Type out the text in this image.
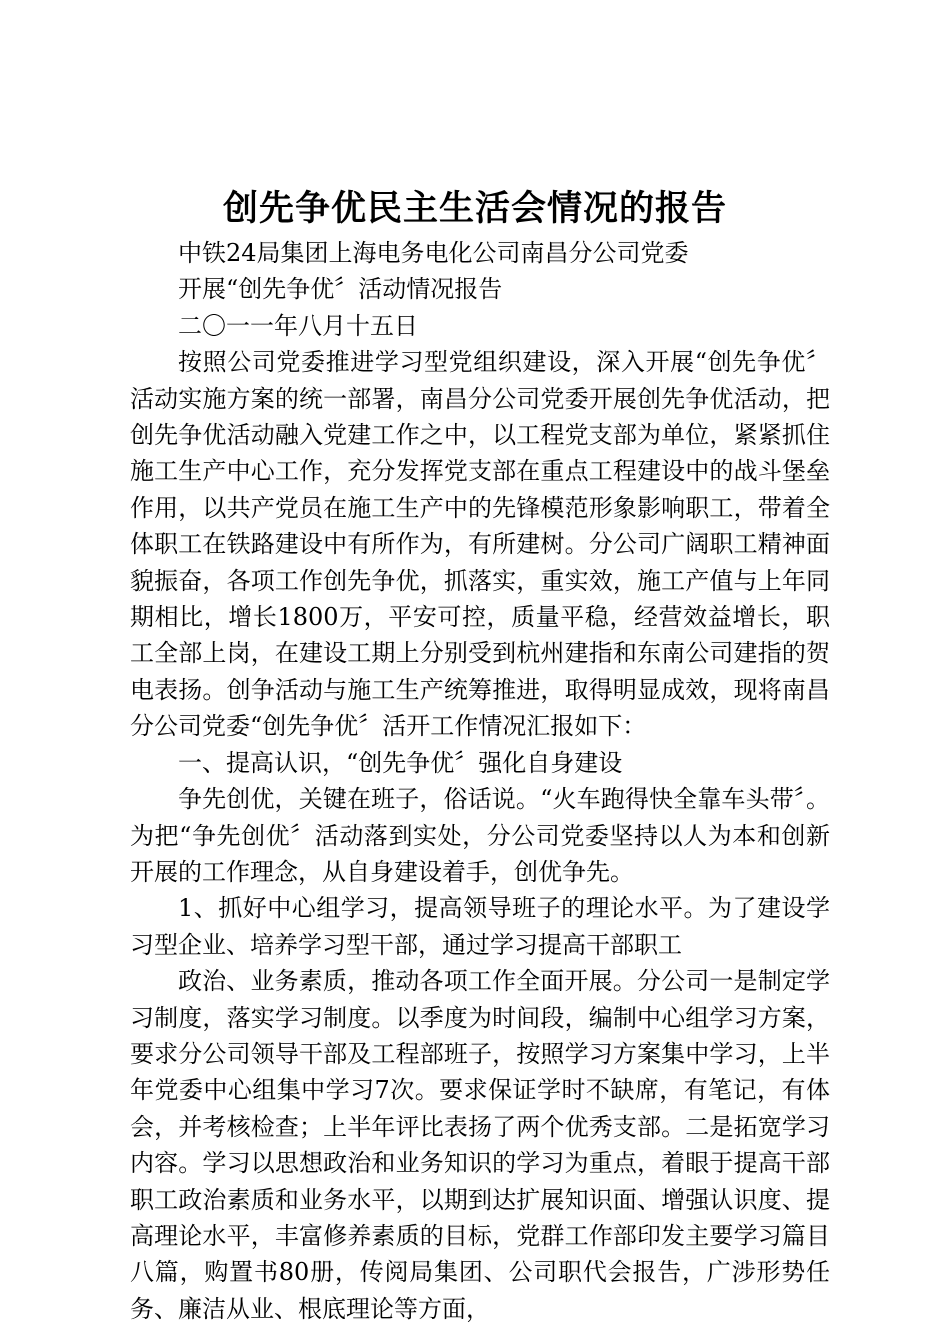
创先争优民主生活会情况的报告

中铁24局集团上海电务电化公司南昌分公司党委

开展“创先争优〞活动情况报告

二〇一一年八月十五日

按照公司党委推进学习型党组织建设，深入开展“创先争优〞活动实施方案的统一部署，南昌分公司党委开展创先争优活动，把创先争优活动融入党建工作之中，以工程党支部为单位，紧紧抓住施工生产中心工作，充分发挥党支部在重点工程建设中的战斗堡垒作用，以共产党员在施工生产中的先锋模范形象影响职工，带着全体职工在铁路建设中有所作为，有所建树。分公司广阔职工精神面貌振奋，各项工作创先争优，抓落实，重实效，施工产值与上年同期相比，增长1800万，平安可控，质量平稳，经营效益增长，职工全部上岗，在建设工期上分别受到杭州建指和东南公司建指的贺电表扬。创争活动与施工生产统筹推进，取得明显成效，现将南昌分公司党委“创先争优〞活开工作情况汇报如下：

一、提高认识，“创先争优〞强化自身建设

争先创优，关键在班子，俗话说。“火车跑得快全靠车头带〞。为把“争先创优〞活动落到实处，分公司党委坚持以人为本和创新开展的工作理念，从自身建设着手，创优争先。

1、抓好中心组学习，提高领导班子的理论水平。为了建设学习型企业、培养学习型干部，通过学习提高干部职工

政治、业务素质，推动各项工作全面开展。分公司一是制定学习制度，落实学习制度。以季度为时间段，编制中心组学习方案，要求分公司领导干部及工程部班子，按照学习方案集中学习，上半年党委中心组集中学习7次。要求保证学时不缺席，有笔记，有体会，并考核检查；上半年评比表扬了两个优秀支部。二是拓宽学习内容。学习以思想政治和业务知识的学习为重点，着眼于提高干部职工政治素质和业务水平，以期到达扩展知识面、增强认识度、提高理论水平，丰富修养素质的目标，党群工作部印发主要学习篇目八篇，购置书80册，传阅局集团、公司职代会报告，广涉形势任务、廉洁从业、根底理论等方面，
